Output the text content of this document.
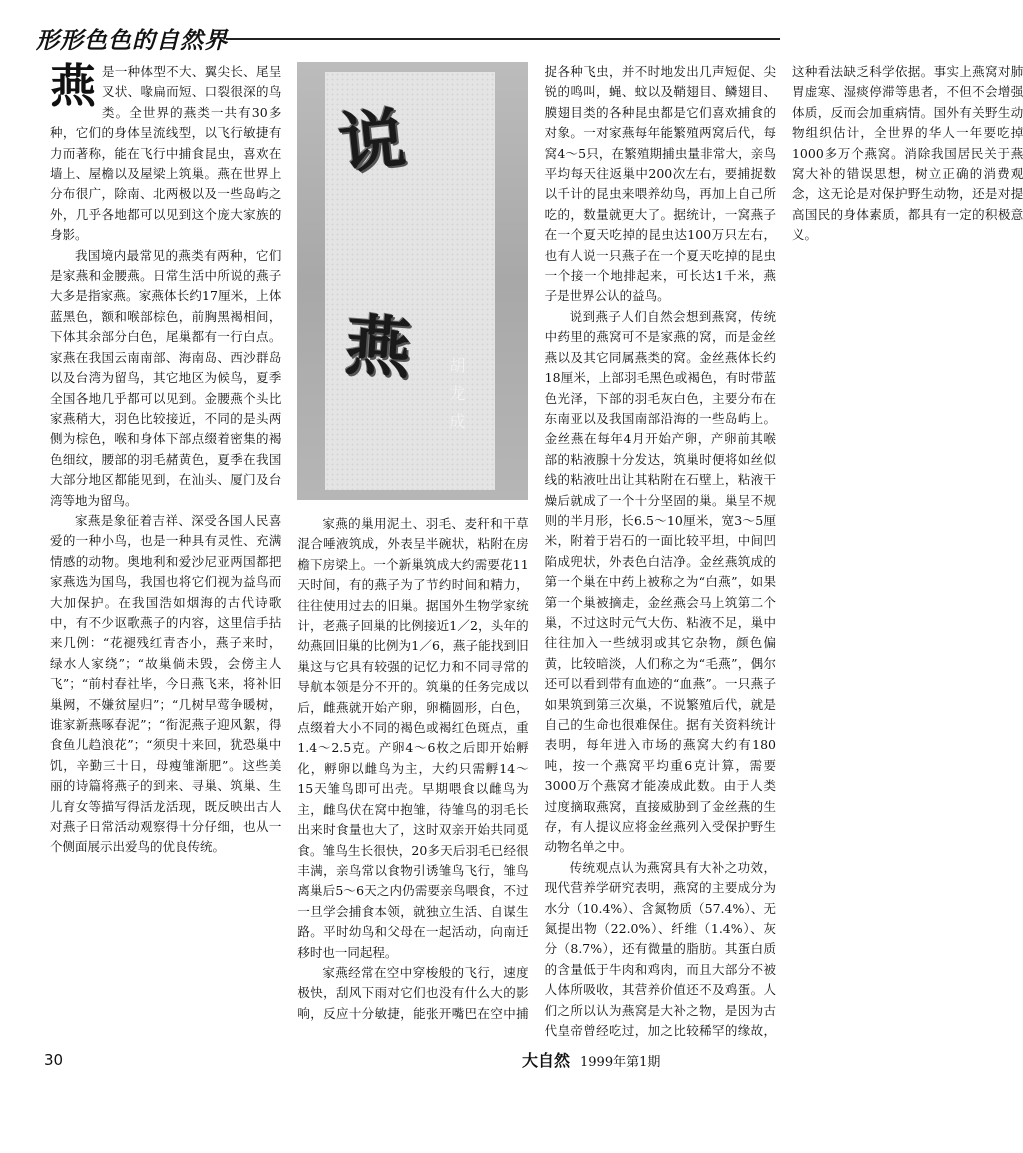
形形色色的自然界

燕是一种体型不大、翼尖长、尾呈叉状、喙扁而短、口裂很深的鸟类。全世界的燕类一共有30多种，它们的身体呈流线型，以飞行敏捷有力而著称，能在飞行中捕食昆虫，喜欢在墙上、屋檐以及屋梁上筑巢。燕在世界上分布很广，除南、北两极以及一些岛屿之外，几乎各地都可以见到这个庞大家族的身影。

我国境内最常见的燕类有两种，它们是家燕和金腰燕。日常生活中所说的燕子大多是指家燕。家燕体长约17厘米，上体蓝黑色，额和喉部棕色，前胸黑褐相间，下体其余部分白色，尾巢都有一行白点。家燕在我国云南南部、海南岛、西沙群岛以及台湾为留鸟，其它地区为候鸟，夏季全国各地几乎都可以见到。金腰燕个头比家燕稍大，羽色比较接近，不同的是头两侧为棕色，喉和身体下部点缀着密集的褐色细纹，腰部的羽毛赭黄色，夏季在我国大部分地区都能见到，在汕头、厦门及台湾等地为留鸟。

家燕是象征着吉祥、深受各国人民喜爱的一种小鸟，也是一种具有灵性、充满情感的动物。奥地利和爱沙尼亚两国都把家燕选为国鸟，我国也将它们视为益鸟而大加保护。在我国浩如烟海的古代诗歌中，有不少讴歌燕子的内容，这里信手拈来几例：“花褪残红青杏小，燕子来时，绿水人家绕”；“故巢倘未毁，会傍主人飞”；“前村春社毕，今日燕飞来，将补旧巢阙，不嫌贫屋归”；“几树早莺争暖树，谁家新燕啄春泥”；“衔泥燕子迎风絮，得食鱼儿趋浪花”；“须臾十来回，犹恐巢中饥，辛勤三十日，母瘦雏渐肥”。这些美丽的诗篇将燕子的到来、寻巢、筑巢、生儿育女等描写得活龙活现，既反映出古人对燕子日常活动观察得十分仔细，也从一个侧面展示出爱鸟的优良传统。

说
燕 胡龙成

家燕的巢用泥土、羽毛、麦秆和干草混合唾液筑成，外表呈半碗状，粘附在房檐下房梁上。一个新巢筑成大约需要花11天时间，有的燕子为了节约时间和精力，往往使用过去的旧巢。据国外生物学家统计，老燕子回巢的比例接近1／2，头年的幼燕回旧巢的比例为1／6，燕子能找到旧巢这与它具有较强的记忆力和不同寻常的导航本领是分不开的。筑巢的任务完成以后，雌燕就开始产卵，卵椭圆形，白色，点缀着大小不同的褐色或褐红色斑点，重1.4～2.5克。产卵4～6枚之后即开始孵化，孵卵以雌鸟为主，大约只需孵14～15天雏鸟即可出壳。早期喂食以雌鸟为主，雌鸟伏在窝中抱雏，待雏鸟的羽毛长出来时食量也大了，这时双亲开始共同觅食。雏鸟生长很快，20多天后羽毛已经很丰满，亲鸟常以食物引诱雏鸟飞行，雏鸟离巢后5～6天之内仍需要亲鸟喂食，不过一旦学会捕食本领，就独立生活、自谋生路。平时幼鸟和父母在一起活动，向南迁移时也一同起程。

家燕经常在空中穿梭般的飞行，速度极快，刮风下雨对它们也没有什么大的影响，反应十分敏捷，能张开嘴巴在空中捕捉各种飞虫，并不时地发出几声短促、尖锐的鸣叫，蝇、蚊以及鞘翅目、鳞翅目、膜翅目类的各种昆虫都是它们喜欢捕食的对象。一对家燕每年能繁殖两窝后代，每窝4～5只，在繁殖期捕虫量非常大，亲鸟平均每天往返巢中200次左右，要捕捉数以千计的昆虫来喂养幼鸟，再加上自己所吃的，数量就更大了。据统计，一窝燕子在一个夏天吃掉的昆虫达100万只左右，也有人说一只燕子在一个夏天吃掉的昆虫一个接一个地排起来，可长达1千米，燕子是世界公认的益鸟。

说到燕子人们自然会想到燕窝，传统中药里的燕窝可不是家燕的窝，而是金丝燕以及其它同属燕类的窝。金丝燕体长约18厘米，上部羽毛黑色或褐色，有时带蓝色光泽，下部的羽毛灰白色，主要分布在东南亚以及我国南部沿海的一些岛屿上。金丝燕在每年4月开始产卵，产卵前其喉部的粘液腺十分发达，筑巢时便将如丝似线的粘液吐出让其粘附在石壁上，粘液干燥后就成了一个十分坚固的巢。巢呈不规则的半月形，长6.5～10厘米，宽3～5厘米，附着于岩石的一面比较平坦，中间凹陷成兜状，外表色白洁净。金丝燕筑成的第一个巢在中药上被称之为“白燕”，如果第一个巢被摘走，金丝燕会马上筑第二个巢，不过这时元气大伤、粘液不足，巢中往往加入一些绒羽或其它杂物，颜色偏黄，比较暗淡，人们称之为“毛燕”，偶尔还可以看到带有血迹的“血燕”。一只燕子如果筑到第三次巢，不说繁殖后代，就是自己的生命也很难保住。据有关资料统计表明，每年进入市场的燕窝大约有180吨，按一个燕窝平均重6克计算，需要3000万个燕窝才能凑成此数。由于人类过度摘取燕窝，直接威胁到了金丝燕的生存，有人提议应将金丝燕列入受保护野生动物名单之中。

传统观点认为燕窝具有大补之功效，现代营养学研究表明，燕窝的主要成分为水分（10.4%）、含氮物质（57.4%）、无氮提出物（22.0%）、纤维（1.4%）、灰分（8.7%），还有微量的脂肪。其蛋白质的含量低于牛肉和鸡肉，而且大部分不被人体所吸收，其营养价值还不及鸡蛋。人们之所以认为燕窝是大补之物，是因为古代皇帝曾经吃过，加之比较稀罕的缘故，这种看法缺乏科学依据。事实上燕窝对肺胃虚寒、湿痰停滞等患者，不但不会增强体质，反而会加重病情。国外有关野生动物组织估计，全世界的华人一年要吃掉1000多万个燕窝。消除我国居民关于燕窝大补的错误思想，树立正确的消费观念，这无论是对保护野生动物，还是对提高国民的身体素质，都具有一定的积极意义。

30	大自然 1999年第1期
